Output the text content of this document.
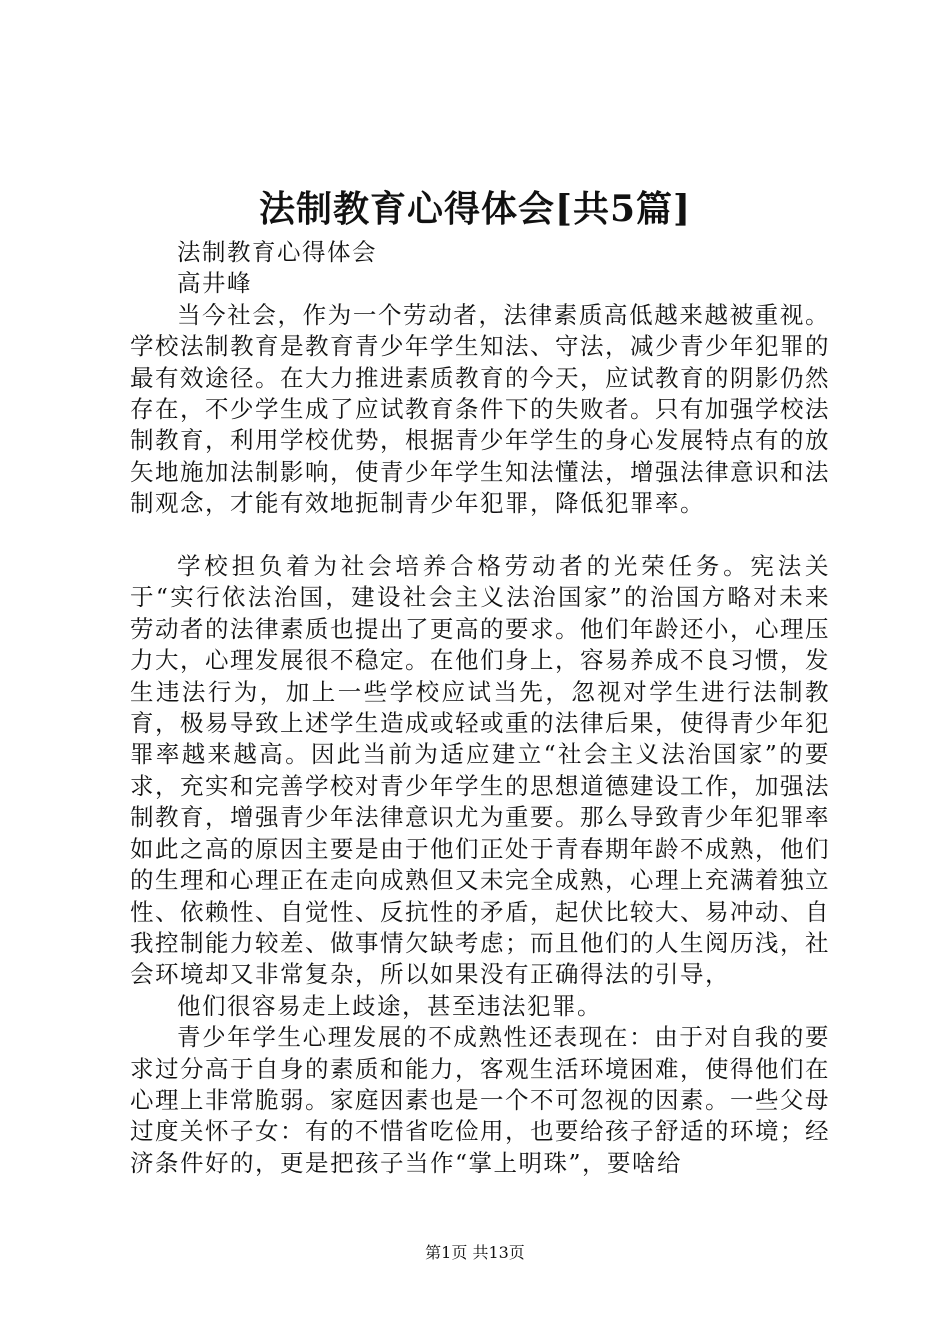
法制教育心得体会[共5篇]

法制教育心得体会

高井峰

当今社会，作为一个劳动者，法律素质高低越来越被重视。学校法制教育是教育青少年学生知法、守法，减少青少年犯罪的最有效途径。在大力推进素质教育的今天，应试教育的阴影仍然存在，不少学生成了应试教育条件下的失败者。只有加强学校法制教育，利用学校优势，根据青少年学生的身心发展特点有的放矢地施加法制影响，使青少年学生知法懂法，增强法律意识和法制观念，才能有效地扼制青少年犯罪，降低犯罪率。

学校担负着为社会培养合格劳动者的光荣任务。宪法关于“实行依法治国，建设社会主义法治国家”的治国方略对未来劳动者的法律素质也提出了更高的要求。他们年龄还小，心理压力大，心理发展很不稳定。在他们身上，容易养成不良习惯，发生违法行为，加上一些学校应试当先，忽视对学生进行法制教育，极易导致上述学生造成或轻或重的法律后果，使得青少年犯罪率越来越高。因此当前为适应建立“社会主义法治国家”的要求，充实和完善学校对青少年学生的思想道德建设工作，加强法制教育，增强青少年法律意识尤为重要。那么导致青少年犯罪率如此之高的原因主要是由于他们正处于青春期年龄不成熟，他们的生理和心理正在走向成熟但又未完全成熟，心理上充满着独立性、依赖性、自觉性、反抗性的矛盾，起伏比较大、易冲动、自我控制能力较差、做事情欠缺考虑；而且他们的人生阅历浅，社会环境却又非常复杂，所以如果没有正确得法的引导，

他们很容易走上歧途，甚至违法犯罪。

青少年学生心理发展的不成熟性还表现在：由于对自我的要求过分高于自身的素质和能力，客观生活环境困难，使得他们在心理上非常脆弱。家庭因素也是一个不可忽视的因素。一些父母过度关怀子女：有的不惜省吃俭用，也要给孩子舒适的环境；经济条件好的，更是把孩子当作“掌上明珠”，要啥给

第1页 共13页
